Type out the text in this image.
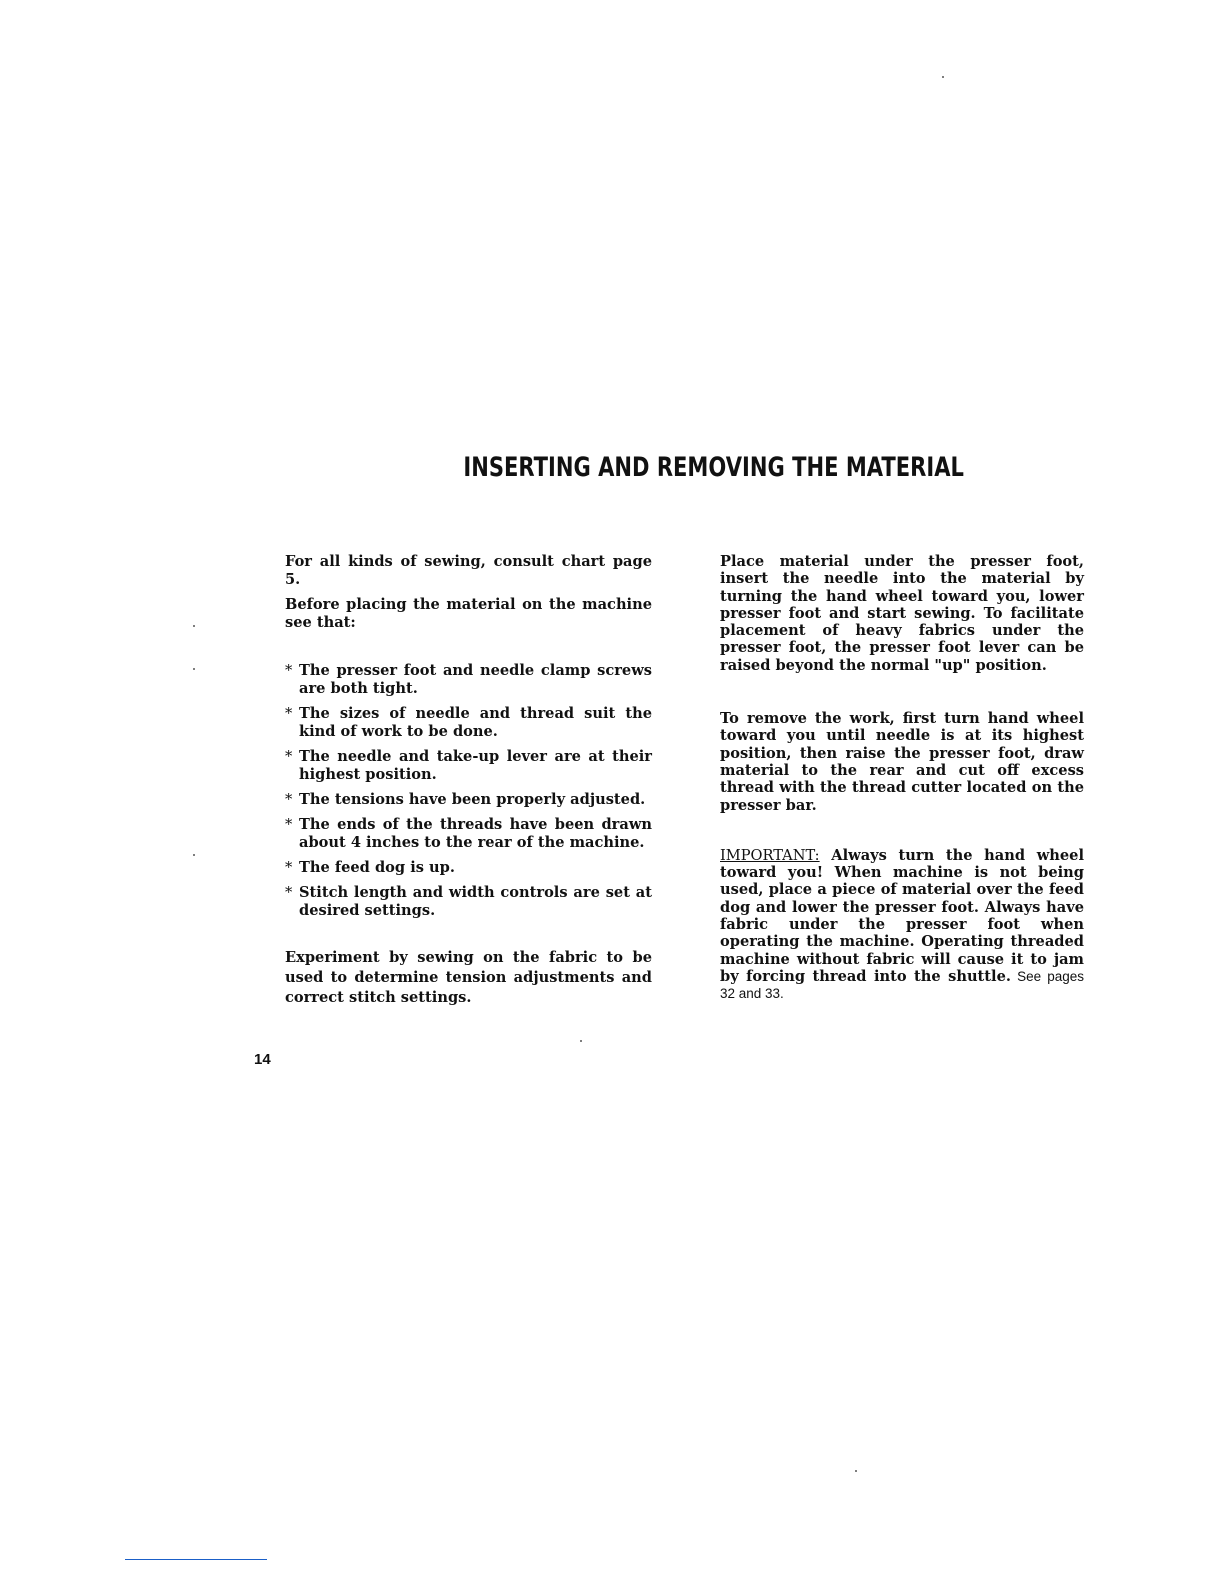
INSERTING AND REMOVING THE MATERIAL

For all kinds of sewing, consult chart page 5.

Before placing the material on the machine see that:

* The presser foot and needle clamp screws are both tight.
* The sizes of needle and thread suit the kind of work to be done.
* The needle and take-up lever are at their highest position.
* The tensions have been properly adjusted.
* The ends of the threads have been drawn about 4 inches to the rear of the machine.
* The feed dog is up.
* Stitch length and width controls are set at desired settings.

Experiment by sewing on the fabric to be used to determine tension adjustments and correct stitch settings.

Place material under the presser foot, insert the needle into the material by turning the hand wheel toward you, lower presser foot and start sewing. To facilitate placement of heavy fabrics under the presser foot, the presser foot lever can be raised beyond the normal "up" position.

To remove the work, first turn hand wheel toward you until needle is at its highest position, then raise the presser foot, draw material to the rear and cut off excess thread with the thread cutter located on the presser bar.

IMPORTANT: Always turn the hand wheel toward you! When machine is not being used, place a piece of material over the feed dog and lower the presser foot. Always have fabric under the presser foot when operating the machine. Operating threaded machine without fabric will cause it to jam by forcing thread into the shuttle. See pages 32 and 33.

14
